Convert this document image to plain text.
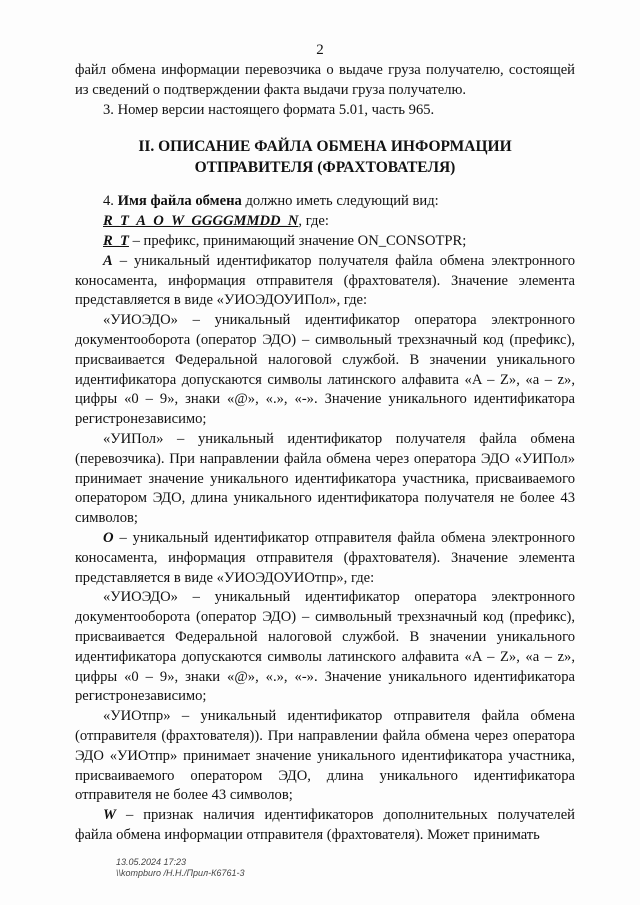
2

файл обмена информации перевозчика о выдаче груза получателю, состоящей из сведений о подтверждении факта выдачи груза получателю.

3. Номер версии настоящего формата 5.01, часть 965.

II. ОПИСАНИЕ ФАЙЛА ОБМЕНА ИНФОРМАЦИИ
ОТПРАВИТЕЛЯ (ФРАХТОВАТЕЛЯ)

4. Имя файла обмена должно иметь следующий вид:

R_T_A_O_W_GGGGMMDD_N, где:

R_T – префикс, принимающий значение ON_CONSOTPR;

A – уникальный идентификатор получателя файла обмена электронного коносамента, информация отправителя (фрахтователя). Значение элемента представляется в виде «УИОЭДОУИПол», где:

«УИОЭДО» – уникальный идентификатор оператора электронного документооборота (оператор ЭДО) – символьный трехзначный код (префикс), присваивается Федеральной налоговой службой. В значении уникального идентификатора допускаются символы латинского алфавита «A – Z», «a – z», цифры «0 – 9», знаки «@», «.», «-». Значение уникального идентификатора регистронезависимо;

«УИПол» – уникальный идентификатор получателя файла обмена (перевозчика). При направлении файла обмена через оператора ЭДО «УИПол» принимает значение уникального идентификатора участника, присваиваемого оператором ЭДО, длина уникального идентификатора получателя не более 43 символов;

O – уникальный идентификатор отправителя файла обмена электронного коносамента, информация отправителя (фрахтователя). Значение элемента представляется в виде «УИОЭДОУИОтпр», где:

«УИОЭДО» – уникальный идентификатор оператора электронного документооборота (оператор ЭДО) – символьный трехзначный код (префикс), присваивается Федеральной налоговой службой. В значении уникального идентификатора допускаются символы латинского алфавита «A – Z», «a – z», цифры «0 – 9», знаки «@», «.», «-». Значение уникального идентификатора регистронезависимо;

«УИОтпр» – уникальный идентификатор отправителя файла обмена (отправителя (фрахтователя)). При направлении файла обмена через оператора ЭДО «УИОтпр» принимает значение уникального идентификатора участника, присваиваемого оператором ЭДО, длина уникального идентификатора отправителя не более 43 символов;

W – признак наличия идентификаторов дополнительных получателей файла обмена информации отправителя (фрахтователя). Может принимать

13.05.2024 17:23
\\kompburo /Н.Н./Прил-К6761-3
